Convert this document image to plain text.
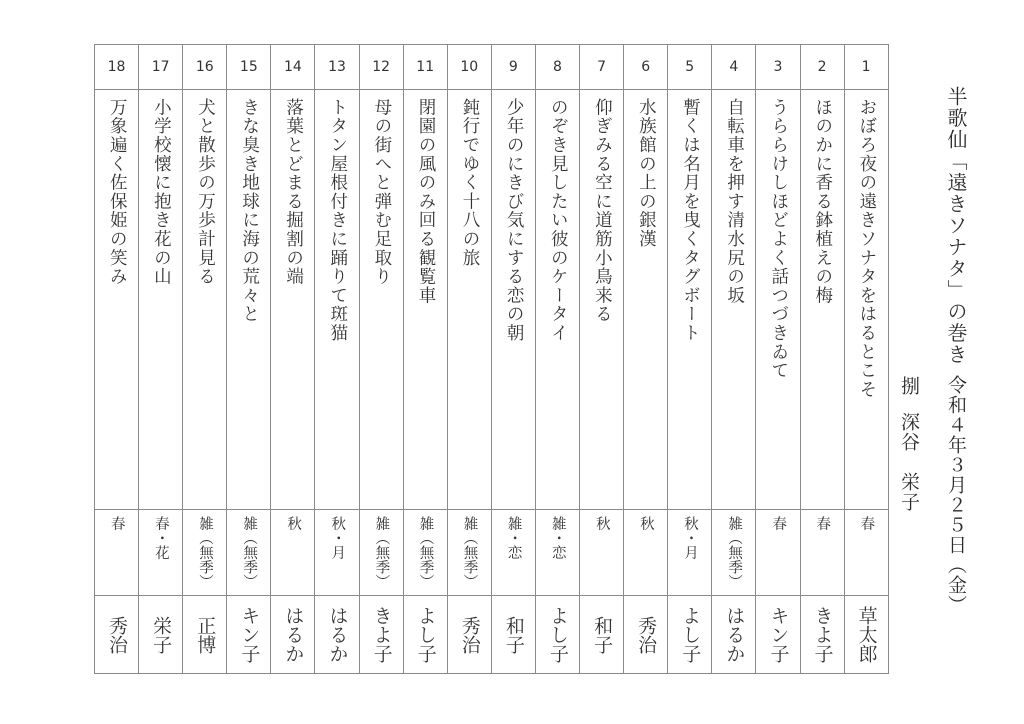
18	17	16	15	14	13	12	11	10	9	8	7	6	5	4	3	2	1

万象遍く佐保姫の笑み	小学校懐に抱き花の山	犬と散歩の万歩計見る	きな臭き地球に海の荒々と	落葉とどまる掘割の端	トタン屋根付きに踊りて斑猫	母の街へと弾む足取り	閉園の風のみ回る観覧車	鈍行でゆく十八の旅	少年のにきび気にする恋の朝	のぞき見したい彼のケータイ	仰ぎみる空に道筋小鳥来る	水族館の上の銀漢	暫くは名月を曳くタグボート	自転車を押す清水尻の坂	うららけしほどよく話つづきゐて	ほのかに香る鉢植えの梅	おぼろ夜の遠きソナタをはるとこそ

春	春・花	雑（無季）	雑（無季）	秋	秋・月	雑（無季）	雑（無季）	雑（無季）	雑・恋	雑・恋	秋	秋	秋・月	雑（無季）	春	春	春

秀治	栄子	正博	キン子	はるか	はるか	きよ子	よし子	秀治	和子	よし子	和子	秀治	よし子	はるか	キン子	きよ子	草太郎
半歌仙「遠きソナタ」の巻き
令和４年３月２５日（金）
捌深谷　栄子
